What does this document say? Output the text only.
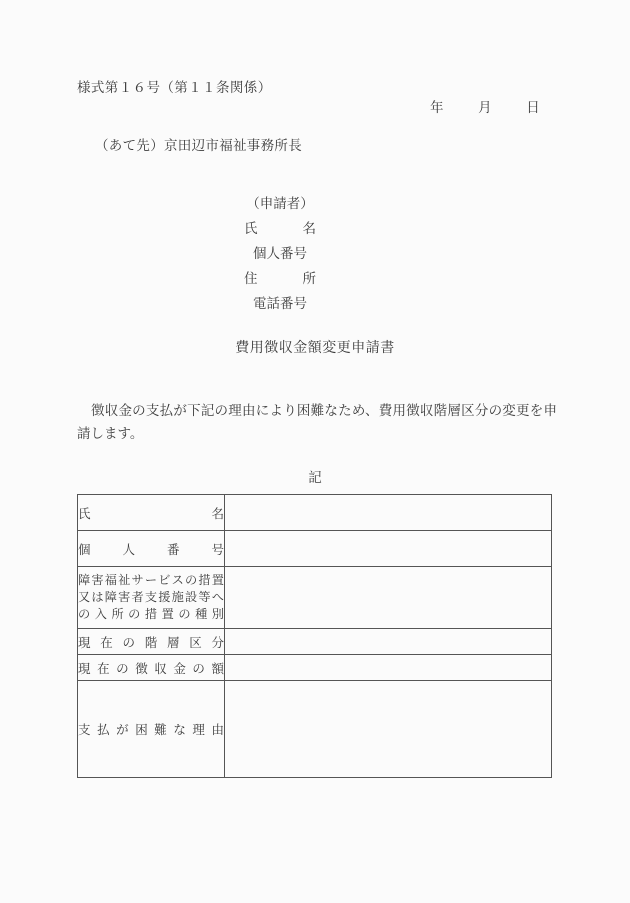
様式第１６号（第１１条関係）
年	月	日
（あて先）京田辺市福祉事務所長
（申請者）
氏　名
個人番号
住　所
電話番号
費用徴収金額変更申請書
徴収金の支払が下記の理由により困難なため、費用徴収階層区分の変更を申請します。
記
氏名	

個人番号	

障害福祉サービスの措置
又は障害者支援施設等へ
の入所の措置の種別	

現在の階層区分	

現在の徴収金の額	

支払が困難な理由	
